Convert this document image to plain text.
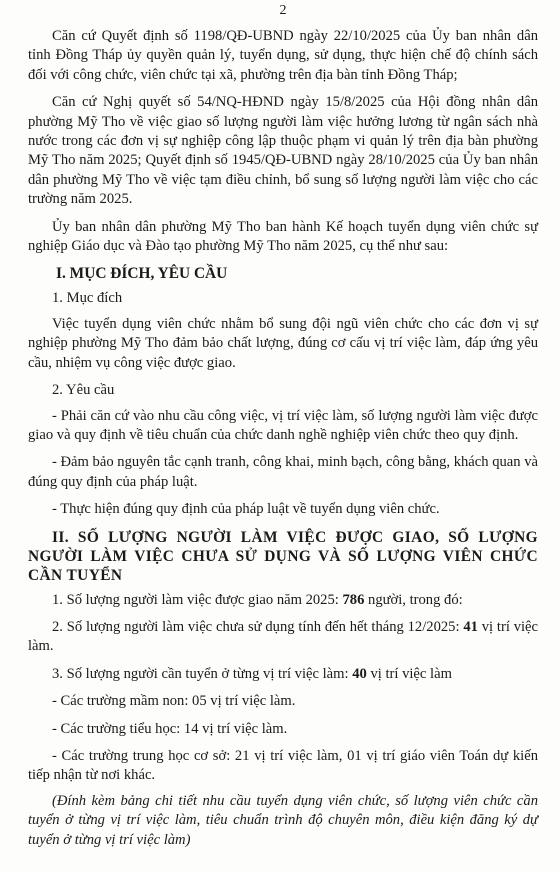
2

Căn cứ Quyết định số 1198/QĐ-UBND ngày 22/10/2025 của Ủy ban nhân dân tỉnh Đồng Tháp ủy quyền quản lý, tuyển dụng, sử dụng, thực hiện chế độ chính sách đối với công chức, viên chức tại xã, phường trên địa bàn tỉnh Đồng Tháp;

Căn cứ Nghị quyết số 54/NQ-HĐND ngày 15/8/2025 của Hội đồng nhân dân phường Mỹ Tho về việc giao số lượng người làm việc hưởng lương từ ngân sách nhà nước trong các đơn vị sự nghiệp công lập thuộc phạm vi quản lý trên địa bàn phường Mỹ Tho năm 2025; Quyết định số 1945/QĐ-UBND ngày 28/10/2025 của Ủy ban nhân dân phường Mỹ Tho về việc tạm điều chỉnh, bổ sung số lượng người làm việc cho các trường năm 2025.

Ủy ban nhân dân phường Mỹ Tho ban hành Kế hoạch tuyển dụng viên chức sự nghiệp Giáo dục và Đào tạo phường Mỹ Tho năm 2025, cụ thể như sau:

I. MỤC ĐÍCH, YÊU CẦU

1. Mục đích

Việc tuyển dụng viên chức nhằm bổ sung đội ngũ viên chức cho các đơn vị sự nghiệp phường Mỹ Tho đảm bảo chất lượng, đúng cơ cấu vị trí việc làm, đáp ứng yêu cầu, nhiệm vụ công việc được giao.

2. Yêu cầu

- Phải căn cứ vào nhu cầu công việc, vị trí việc làm, số lượng người làm việc được giao và quy định về tiêu chuẩn của chức danh nghề nghiệp viên chức theo quy định.

- Đảm bảo nguyên tắc cạnh tranh, công khai, minh bạch, công bằng, khách quan và đúng quy định của pháp luật.

- Thực hiện đúng quy định của pháp luật về tuyển dụng viên chức.

II. SỐ LƯỢNG NGƯỜI LÀM VIỆC ĐƯỢC GIAO, SỐ LƯỢNG NGƯỜI LÀM VIỆC CHƯA SỬ DỤNG VÀ SỐ LƯỢNG VIÊN CHỨC CẦN TUYỂN

1. Số lượng người làm việc được giao năm 2025: 786 người, trong đó:

2. Số lượng người làm việc chưa sử dụng tính đến hết tháng 12/2025: 41 vị trí việc làm.

3. Số lượng người cần tuyển ở từng vị trí việc làm: 40 vị trí việc làm

- Các trường mầm non: 05 vị trí việc làm.

- Các trường tiểu học: 14 vị trí việc làm.

- Các trường trung học cơ sở: 21 vị trí việc làm, 01 vị trí giáo viên Toán dự kiến tiếp nhận từ nơi khác.

(Đính kèm bảng chi tiết nhu cầu tuyển dụng viên chức, số lượng viên chức cần tuyển ở từng vị trí việc làm, tiêu chuẩn trình độ chuyên môn, điều kiện đăng ký dự tuyển ở từng vị trí việc làm)
